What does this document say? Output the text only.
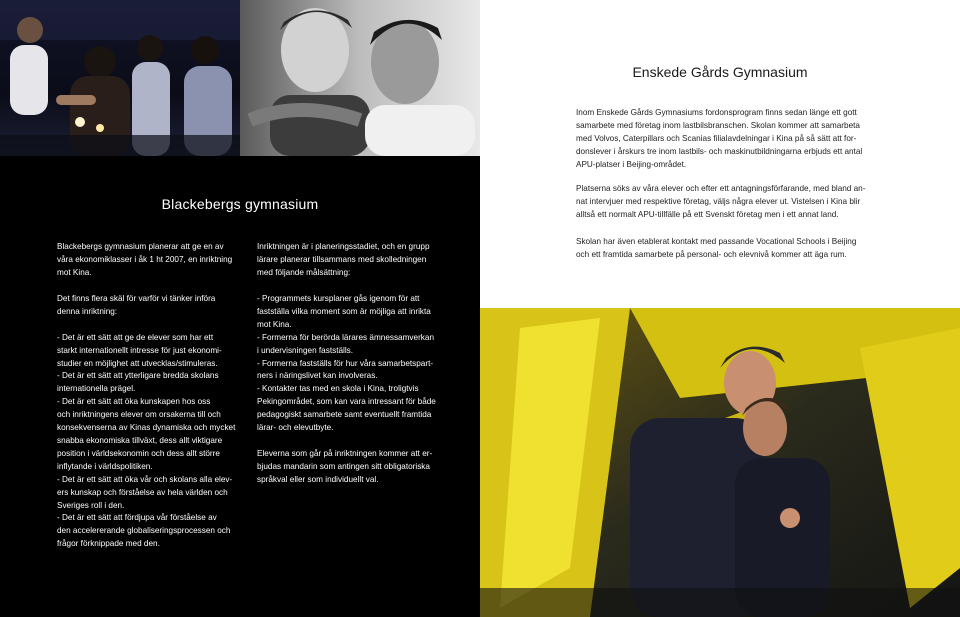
Blackebergs gymnasium
Blackebergs gymnasium planerar att ge en av
våra ekonomiklasser i åk 1 ht 2007, en inriktning
mot Kina.
Det finns flera skäl för varför vi tänker införa
denna inriktning:

- Det är ett sätt att ge de elever som har ett
starkt internationellt intresse för just ekonomi-
studier en möjlighet att utvecklas/stimuleras.
- Det är ett sätt att ytterligare bredda skolans
internationella prägel.
- Det är ett sätt att öka kunskapen hos oss
och inriktningens elever om orsakerna till och
konsekvenserna av Kinas dynamiska och mycket
snabba ekonomiska tillväxt, dess allt viktigare
position i världsekonomin och dess allt större
inflytande i världspolitiken.
- Det är ett sätt att öka vår och skolans alla elev-
ers kunskap och förståelse av hela världen och
Sveriges roll i den.
- Det är ett sätt att fördjupa vår förståelse av
den accelererande globaliseringsprocessen och
frågor förknippade med den.
Inriktningen är i planeringsstadiet, och en grupp
lärare planerar tillsammans med skolledningen
med följande målsättning:
- Programmets kursplaner gås igenom för att
fastställa vilka moment som är möjliga att inrikta
mot Kina.
- Formerna för berörda lärares ämnessamverkan
i undervisningen fastställs.
- Formerna fastställs för hur våra samarbetspart-
ners i näringslivet kan involveras.
- Kontakter tas med en skola i Kina, troligtvis
Pekingområdet, som kan vara intressant för både
pedagogiskt samarbete samt eventuellt framtida
lärar- och elevutbyte.

Eleverna som går på inriktningen kommer att er-
bjudas mandarin som antingen sitt obligatoriska
språkval eller som individuellt val.
Enskede Gårds Gymnasium
Inom Enskede Gårds Gymnasiums fordonsprogram finns sedan länge ett gott
samarbete med företag inom lastbilsbranschen. Skolan kommer att samarbeta
med Volvos, Caterpillars och Scanias filialavdelningar i Kina på så sätt att for-
donslever i årskurs tre inom lastbils- och maskinutbildningarna erbjuds ett antal
APU-platser i Beijing-området.
Platserna söks av våra elever och efter ett antagningsförfarande, med bland an-
nat intervjuer med respektive företag, väljs några elever ut. Vistelsen i Kina blir
alltså ett normalt APU-tillfälle på ett Svenskt företag men i ett annat land.
Skolan har även etablerat kontakt med passande Vocational Schools i Beijing
och ett framtida samarbete på personal- och elevnivå kommer att äga rum.
